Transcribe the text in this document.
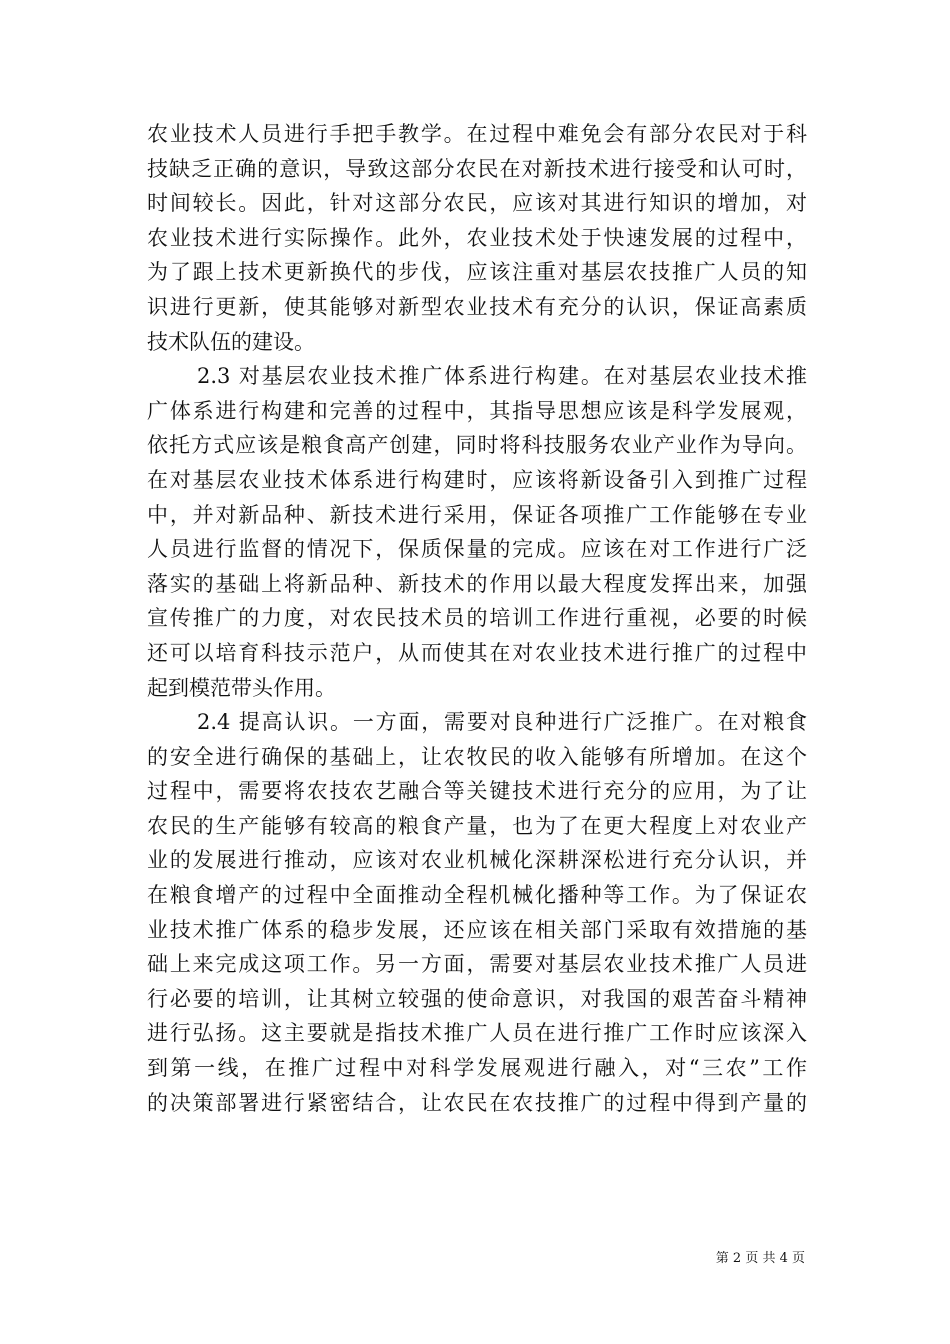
农业技术人员进行手把手教学。在过程中难免会有部分农民对于科
技缺乏正确的意识，导致这部分农民在对新技术进行接受和认可时，
时间较长。因此，针对这部分农民，应该对其进行知识的增加，对
农业技术进行实际操作。此外，农业技术处于快速发展的过程中，
为了跟上技术更新换代的步伐，应该注重对基层农技推广人员的知
识进行更新，使其能够对新型农业技术有充分的认识，保证高素质
技术队伍的建设。
2.3 对基层农业技术推广体系进行构建。在对基层农业技术推
广体系进行构建和完善的过程中，其指导思想应该是科学发展观，
依托方式应该是粮食高产创建，同时将科技服务农业产业作为导向。
在对基层农业技术体系进行构建时，应该将新设备引入到推广过程
中，并对新品种、新技术进行采用，保证各项推广工作能够在专业
人员进行监督的情况下，保质保量的完成。应该在对工作进行广泛
落实的基础上将新品种、新技术的作用以最大程度发挥出来，加强
宣传推广的力度，对农民技术员的培训工作进行重视，必要的时候
还可以培育科技示范户，从而使其在对农业技术进行推广的过程中
起到模范带头作用。
2.4 提高认识。一方面，需要对良种进行广泛推广。在对粮食
的安全进行确保的基础上，让农牧民的收入能够有所增加。在这个
过程中，需要将农技农艺融合等关键技术进行充分的应用，为了让
农民的生产能够有较高的粮食产量，也为了在更大程度上对农业产
业的发展进行推动，应该对农业机械化深耕深松进行充分认识，并
在粮食增产的过程中全面推动全程机械化播种等工作。为了保证农
业技术推广体系的稳步发展，还应该在相关部门采取有效措施的基
础上来完成这项工作。另一方面，需要对基层农业技术推广人员进
行必要的培训，让其树立较强的使命意识，对我国的艰苦奋斗精神
进行弘扬。这主要就是指技术推广人员在进行推广工作时应该深入
到第一线，在推广过程中对科学发展观进行融入，对“三农”工作
的决策部署进行紧密结合，让农民在农技推广的过程中得到产量的
第 2 页 共 4 页
